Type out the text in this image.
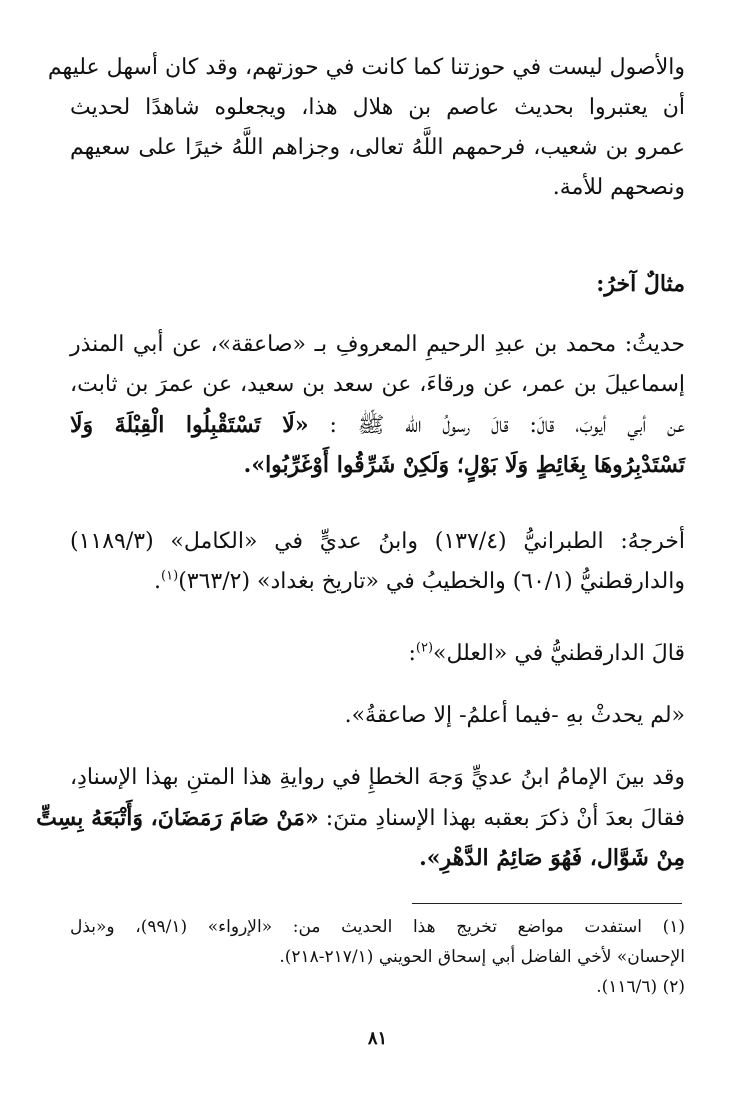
والأصول ليست في حوزتنا كما كانت في حوزتهم، وقد كان أسهل عليهم
أن يعتبروا بحديث عاصم بن هلال هذا، ويجعلوه شاهدًا لحديث
عمرو بن شعيب، فرحمهم اللَّهُ تعالى، وجزاهم اللَّهُ خيرًا على سعيهم
ونصحهم للأمة.
مثالٌ آخرُ:
حديثُ: محمد بن عبدِ الرحيمِ المعروفِ بـ «صاعقة»، عن أبي المنذر
إسماعيلَ بن عمر، عن ورقاءَ، عن سعد بن سعيد، عن عمرَ بن ثابت،
عن أبي أيوبَ، قالَ: قالَ رسولُ الله ﷺ : «لَا تَسْتَقْبِلُوا الْقِبْلَةَ وَلَا
تَسْتَدْبِرُوهَا بِغَائِطٍ وَلَا بَوْلٍ؛ وَلَكِنْ شَرِّقُوا أَوْغَرِّبُوا».
أخرجهُ: الطبرانيُّ (١٣٧/٤) وابنُ عديٍّ في «الكامل» (١١٨٩/٣)
والدارقطنيُّ (٦٠/١) والخطيبُ في «تاريخ بغداد» (٣٦٣/٢)$^{(١)}$.
قالَ الدارقطنيُّ في «العلل»$^{(٢)}$:
«لم يحدثْ بهِ -فيما أعلمُ- إلا صاعقةُ».
وقد بينَ الإمامُ ابنُ عديٍّ وَجهَ الخطإِ في روايةِ هذا المتنِ بهذا الإسنادِ،
فقالَ بعدَ أنْ ذكرَ بعقبه بهذا الإسنادِ متنَ: «مَنْ صَامَ رَمَضَانَ، وَأَتْبَعَهُ بِسِتٍّ
مِنْ شَوَّال، فَهُوَ صَائِمُ الدَّهْرِ».
(١) استفدت مواضع تخريج هذا الحديث من: «الإرواء» (٩٩/١)، و«بذل
الإحسان» لأخي الفاضل أبي إسحاق الحويني (٢١٧/١-٢١٨).
(٢) (١١٦/٦).
٨١
